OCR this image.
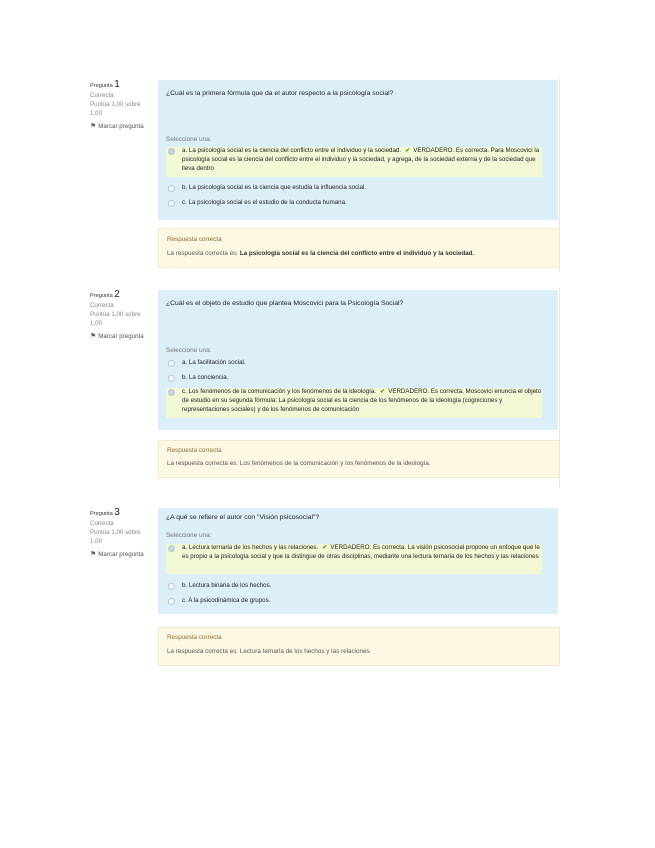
Pregunta 1
Correcta
Puntúa 1,00 sobre 1,00
⚑ Marcar pregunta
¿Cuál es la primera fórmula que da el autor respecto a la psicología social?
Seleccione una:
a. La psicología social es la ciencia del conflicto entre el individuo y la sociedad. ✔ VERDADERO. Es correcta. Para Moscovici la psicología social es la ciencia del conflicto entre el individuo y la sociedad, y agrega, de la sociedad externa y de la sociedad que lleva dentro
b. La psicología social es la ciencia que estudia la influencia social.
c. La psicología social es el estudio de la conducta humana.
Respuesta correcta
La respuesta correcta es: La psicología social es la ciencia del conflicto entre el individuo y la sociedad.
Pregunta 2
Correcta
Puntúa 1,00 sobre 1,00
⚑ Marcar pregunta
¿Cuál es el objeto de estudio que plantea Moscovici para la Psicología Social?
Seleccione una:
a. La facilitación social.
b. La conciencia.
c. Los fenómenos de la comunicación y los fenómenos de la ideología. ✔ VERDADERO. Es correcta. Moscovici enuncia el objeto de estudio en su segunda fórmula: La psicología social es la ciencia de los fenómenos de la ideología (cogniciones y representaciones sociales) y de los fenómenos de comunicación
Respuesta correcta
La respuesta correcta es: Los fenómenos de la comunicación y los fenómenos de la ideología.
Pregunta 3
Correcta
Puntúa 1,00 sobre 1,00
⚑ Marcar pregunta
¿A qué se refiere el autor con "Visión psicosocial"?
Seleccione una:
a. Lectura ternaria de los hechos y las relaciones. ✔ VERDADERO. Es correcta. La visión psicosocial propone un enfoque que le es propio a la psicología social y que la distingue de otras disciplinas, mediante una lectura ternaria de los hechos y las relaciones
b. Lectura binaria de los hechos.
c. A la psicodinámica de grupos.
Respuesta correcta
La respuesta correcta es: Lectura ternaria de los hechos y las relaciones.
